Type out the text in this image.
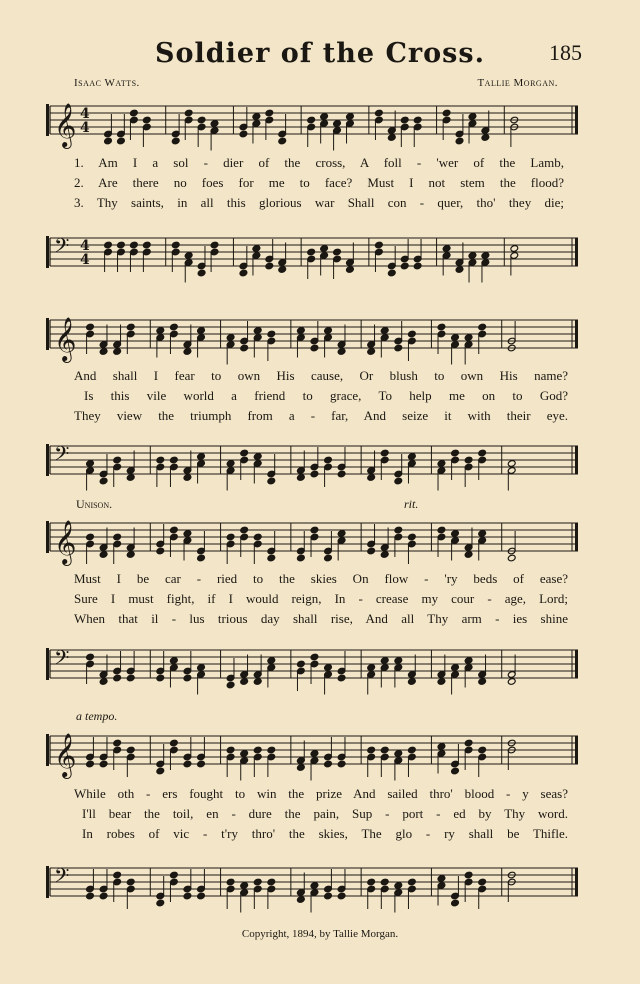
Soldier of the Cross.	185
Isaac Watts.	Tallie Morgan.
𝄞 4
4
1. Am I a sol - dier of the cross, A foll - 'wer of the Lamb,
2. Are there no foes for me to face? Must I not stem the flood?
3. Thy saints, in all this glorious war Shall con - quer, tho' they die;
𝄢 4
4
𝄞
And shall I fear to own His cause, Or blush to own His name?
Is this vile world a friend to grace, To help me on to God?
They view the triumph from a - far, And seize it with their eye.
𝄢
Unison.	rit.
𝄞
Must I be car - ried to the skies On flow - 'ry beds of ease?
Sure I must fight, if I would reign, In - crease my cour - age, Lord;
When that il - lus trious day shall rise, And all Thy arm - ies shine
𝄢
a tempo.
𝄞
While oth - ers fought to win the prize And sailed thro' blood - y seas?
I'll bear the toil, en - dure the pain, Sup - port - ed by Thy word.
In robes of vic - t'ry thro' the skies, The glo - ry shall be Thifle.
𝄢
Copyright, 1894, by Tallie Morgan.
